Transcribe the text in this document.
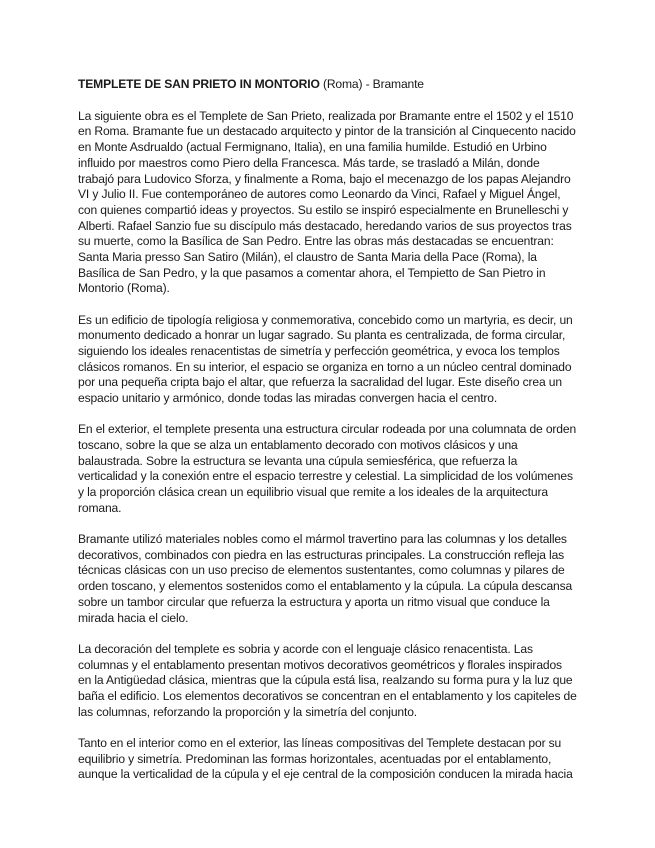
TEMPLETE DE SAN PRIETO IN MONTORIO (Roma) - Bramante

La siguiente obra es el Templete de San Prieto, realizada por Bramante entre el 1502 y el 1510 en Roma. Bramante fue un destacado arquitecto y pintor de la transición al Cinquecento nacido en Monte Asdrualdo (actual Fermignano, Italia), en una familia humilde. Estudió en Urbino influido por maestros como Piero della Francesca. Más tarde, se trasladó a Milán, donde trabajó para Ludovico Sforza, y finalmente a Roma, bajo el mecenazgo de los papas Alejandro VI y Julio II. Fue contemporáneo de autores como Leonardo da Vinci, Rafael y Miguel Ángel, con quienes compartió ideas y proyectos. Su estilo se inspiró especialmente en Brunelleschi y Alberti. Rafael Sanzio fue su discípulo más destacado, heredando varios de sus proyectos tras su muerte, como la Basílica de San Pedro. Entre las obras más destacadas se encuentran: Santa Maria presso San Satiro (Milán), el claustro de Santa Maria della Pace (Roma), la Basílica de San Pedro, y la que pasamos a comentar ahora, el Tempietto de San Pietro in Montorio (Roma).

Es un edificio de tipología religiosa y conmemorativa, concebido como un martyria, es decir, un monumento dedicado a honrar un lugar sagrado. Su planta es centralizada, de forma circular, siguiendo los ideales renacentistas de simetría y perfección geométrica, y evoca los templos clásicos romanos. En su interior, el espacio se organiza en torno a un núcleo central dominado por una pequeña cripta bajo el altar, que refuerza la sacralidad del lugar. Este diseño crea un espacio unitario y armónico, donde todas las miradas convergen hacia el centro.

En el exterior, el templete presenta una estructura circular rodeada por una columnata de orden toscano, sobre la que se alza un entablamento decorado con motivos clásicos y una balaustrada. Sobre la estructura se levanta una cúpula semiesférica, que refuerza la verticalidad y la conexión entre el espacio terrestre y celestial. La simplicidad de los volúmenes y la proporción clásica crean un equilibrio visual que remite a los ideales de la arquitectura romana.

Bramante utilizó materiales nobles como el mármol travertino para las columnas y los detalles decorativos, combinados con piedra en las estructuras principales. La construcción refleja las técnicas clásicas con un uso preciso de elementos sustentantes, como columnas y pilares de orden toscano, y elementos sostenidos como el entablamento y la cúpula. La cúpula descansa sobre un tambor circular que refuerza la estructura y aporta un ritmo visual que conduce la mirada hacia el cielo.

La decoración del templete es sobria y acorde con el lenguaje clásico renacentista. Las columnas y el entablamento presentan motivos decorativos geométricos y florales inspirados en la Antigüedad clásica, mientras que la cúpula está lisa, realzando su forma pura y la luz que baña el edificio. Los elementos decorativos se concentran en el entablamento y los capiteles de las columnas, reforzando la proporción y la simetría del conjunto.

Tanto en el interior como en el exterior, las líneas compositivas del Templete destacan por su equilibrio y simetría. Predominan las formas horizontales, acentuadas por el entablamento, aunque la verticalidad de la cúpula y el eje central de la composición conducen la mirada hacia
